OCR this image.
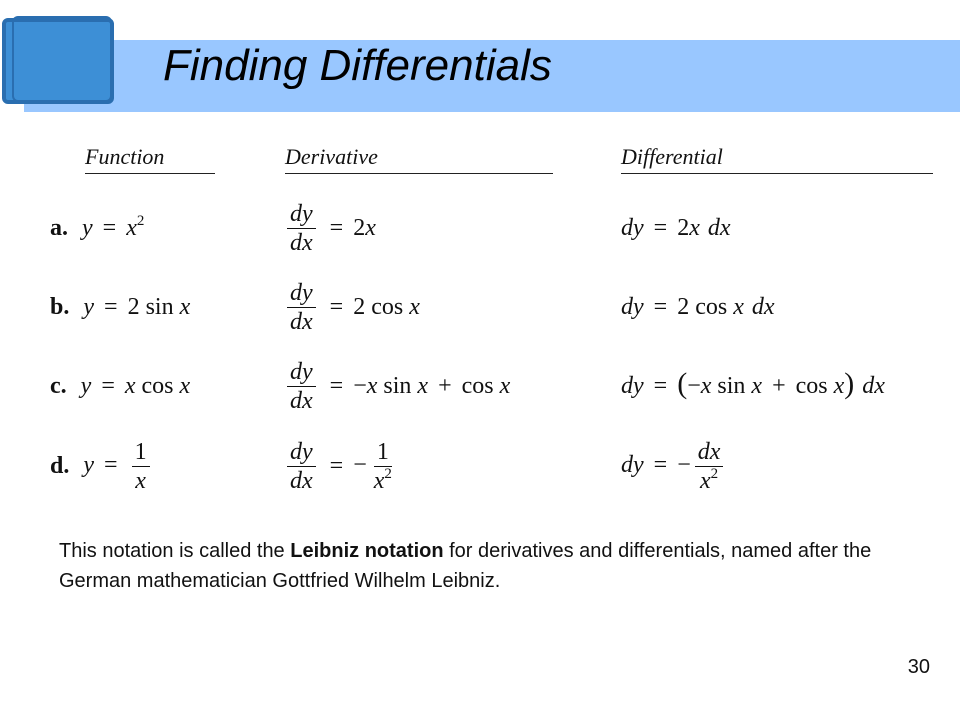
Finding Differentials
Function	Derivative	Differential
a. $y = x^2$	$\frac{dy}{dx} = 2x$	dy = 2x dx
b. y = 2 sin x	$\frac{dy}{dx} = 2$ cos x	dy = 2 cos x dx
c. y = x cos x	$\frac{dy}{dx} = -x$ sin x + cos x	dy = (−x sin x + cos x) dx
d. $y = \frac{1}{x}$	$\frac{dy}{dx}$ = − $\frac{1}{x^2}$	dy = − $\frac{dx}{x^2}$
This notation is called the Leibniz notation for derivatives and differentials, named after the German mathematician Gottfried Wilhelm Leibniz.
30
